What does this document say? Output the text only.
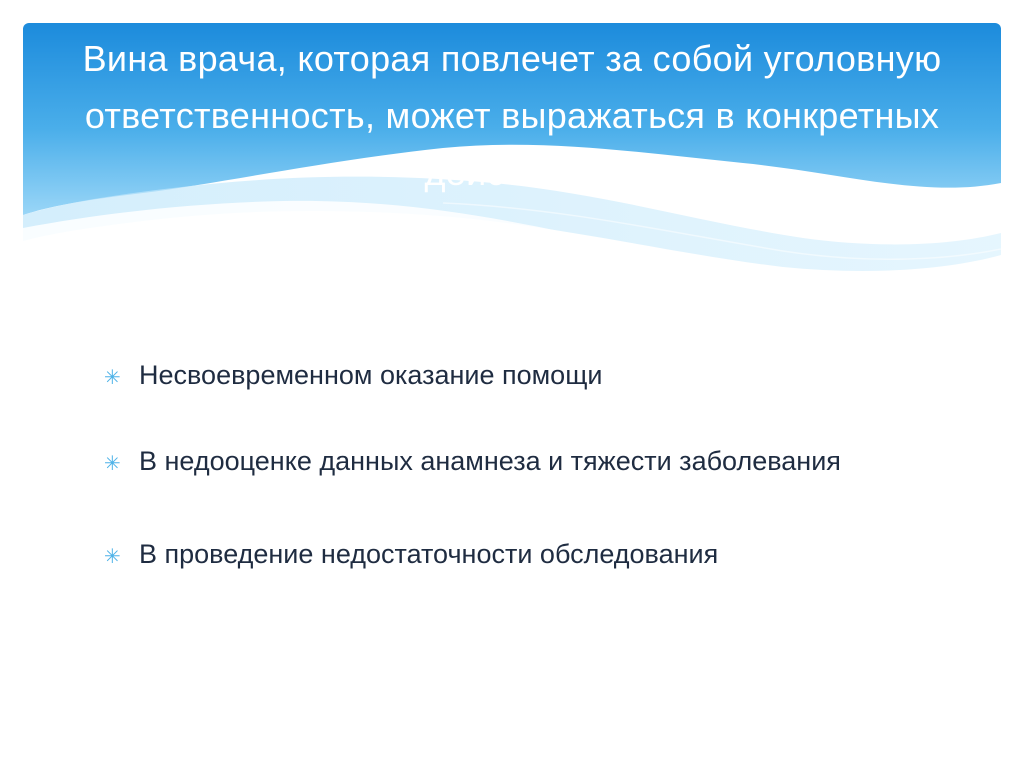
Вина врача, которая повлечет за собой уголовную ответственность, может выражаться в конкретных действиях
✳ Несвоевременном оказание помощи
✳ В недооценке данных анамнеза и тяжести заболевания
✳ В проведение недостаточности обследования
